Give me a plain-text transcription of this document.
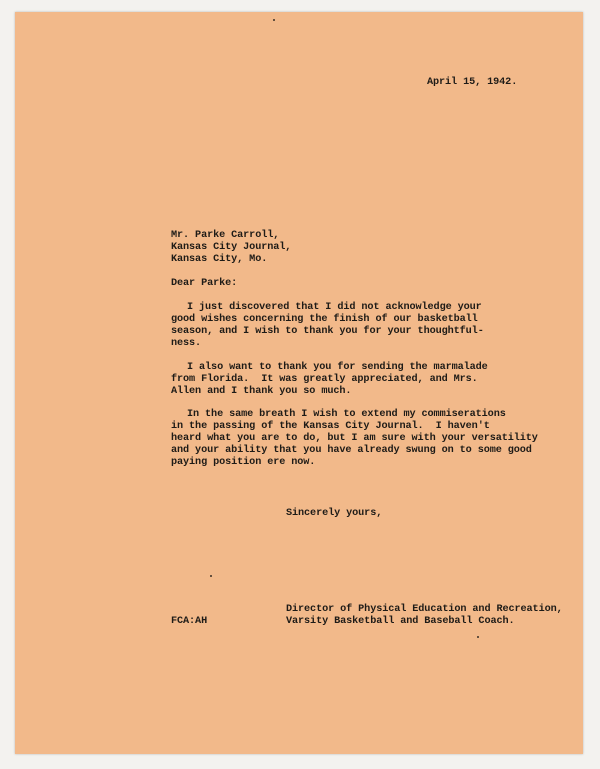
April 15, 1942.
Mr. Parke Carroll,
Kansas City Journal,
Kansas City, Mo.
Dear Parke:
I just discovered that I did not acknowledge your
good wishes concerning the finish of our basketball
season, and I wish to thank you for your thoughtful-
ness.
I also want to thank you for sending the marmalade
from Florida.  It was greatly appreciated, and Mrs.
Allen and I thank you so much.
In the same breath I wish to extend my commiserations
in the passing of the Kansas City Journal.  I haven't
heard what you are to do, but I am sure with your versatility
and your ability that you have already swung on to some good
paying position ere now.
Sincerely yours,
FCA:AH
Director of Physical Education and Recreation,
Varsity Basketball and Baseball Coach.
